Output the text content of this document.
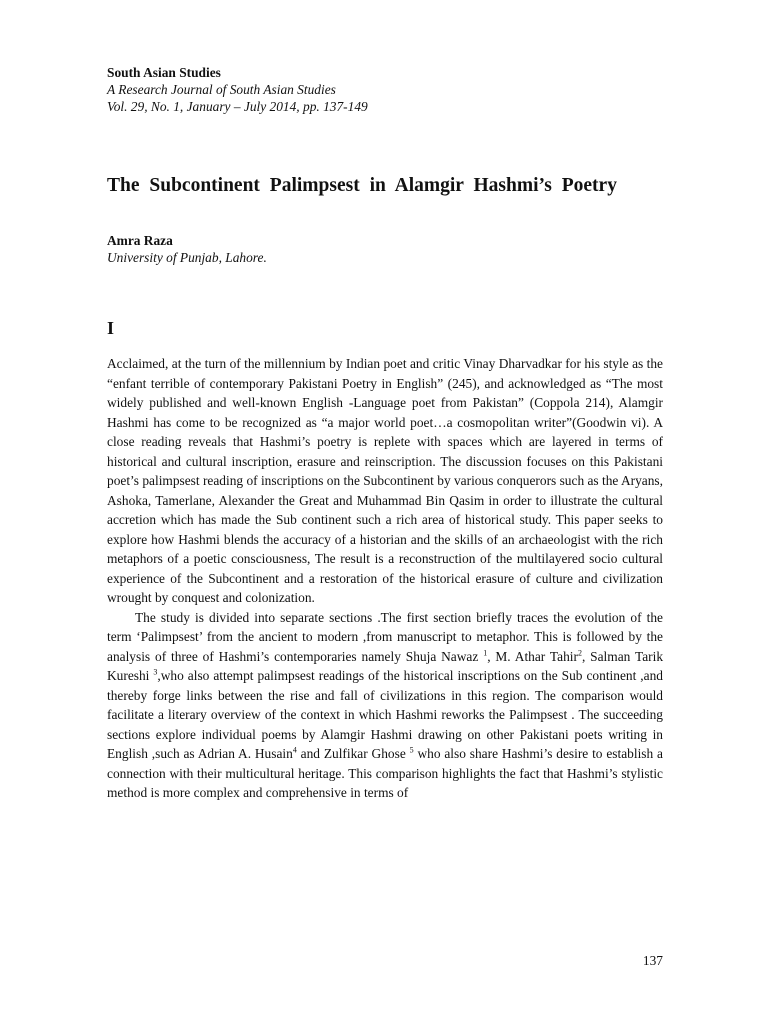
South Asian Studies
A Research Journal of South Asian Studies
Vol. 29, No. 1, January – July 2014, pp. 137-149
The Subcontinent Palimpsest in Alamgir Hashmi’s Poetry
Amra Raza
University of Punjab, Lahore.
I

Acclaimed, at the turn of the millennium by Indian poet and critic Vinay Dharvadkar for his style as the “enfant terrible of contemporary Pakistani Poetry in English” (245), and acknowledged as “The most widely published and well-known English -Language poet from Pakistan” (Coppola 214), Alamgir Hashmi has come to be recognized as “a major world poet…a cosmopolitan writer”(Goodwin vi). A close reading reveals that Hashmi’s poetry is replete with spaces which are layered in terms of historical and cultural inscription, erasure and reinscription. The discussion focuses on this Pakistani poet’s palimpsest reading of inscriptions on the Subcontinent by various conquerors such as the Aryans, Ashoka, Tamerlane, Alexander the Great and Muhammad Bin Qasim in order to illustrate the cultural accretion which has made the Sub continent such a rich area of historical study. This paper seeks to explore how Hashmi blends the accuracy of a historian and the skills of an archaeologist with the rich metaphors of a poetic consciousness, The result is a reconstruction of the multilayered socio cultural experience of the Subcontinent and a restoration of the historical erasure of culture and civilization wrought by conquest and colonization.

The study is divided into separate sections .The first section briefly traces the evolution of the term ‘Palimpsest’ from the ancient to modern ,from manuscript to metaphor. This is followed by the analysis of three of Hashmi’s contemporaries namely Shuja Nawaz $^1$, M. Athar Tahir$^2$, Salman Tarik Kureshi $^3$,who also attempt palimpsest readings of the historical inscriptions on the Sub continent ,and thereby forge links between the rise and fall of civilizations in this region. The comparison would facilitate a literary overview of the context in which Hashmi reworks the Palimpsest . The succeeding sections explore individual poems by Alamgir Hashmi drawing on other Pakistani poets writing in English ,such as Adrian A. Husain$^4$ and Zulfikar Ghose $^5$ who also share Hashmi’s desire to establish a connection with their multicultural heritage. This comparison highlights the fact that Hashmi’s stylistic method is more complex and comprehensive in terms of

137
